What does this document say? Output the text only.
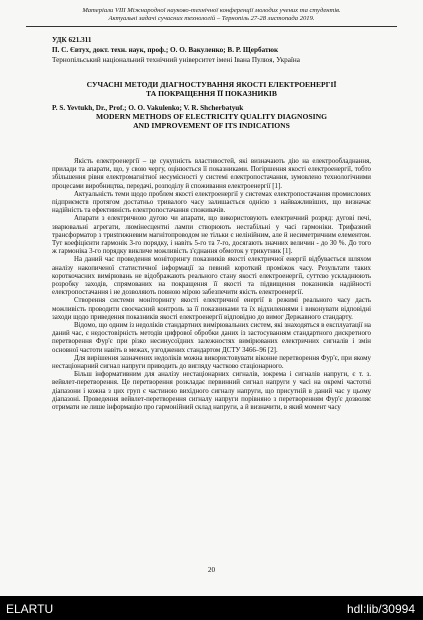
Матеріали VIII Міжнародної науково-технічної конференції молодих учених та студентів.
Актуальні задачі сучасних технологій – Тернопіль 27-28 листопада 2019.
УДК 621.311
П. С. Євтух, докт. техн. наук, проф.; О. О. Вакуленко; В. Р. Щербатюк
Тернопільський національний технічний університет імені Івана Пулюя, Україна
СУЧАСНІ МЕТОДИ ДІАГНОСТУВАННЯ ЯКОСТІ ЕЛЕКТРОЕНЕРГІЇ
ТА ПОКРАЩЕННЯ ЇЇ ПОКАЗНИКІВ
P. S. Yevtukh, Dr., Prof.; O. O. Vakulenko; V. R. Shcherbatyuk
MODERN METHODS OF ELECTRICITY QUALITY DIAGNOSING
AND IMPROVEMENT OF ITS INDICATIONS

Якість електроенергії – це сукупність властивостей, які визначають дію на електрообладнання, прилади та апарати, що, у свою чергу, оцінюється її показниками. Погіршення якості електроенергії, тобто збільшення рівня електромагнітної несумісності у системі електропостачання, зумовлено технологічними процесами виробництва, передачі, розподілу й споживання електроенергії [1].

Актуальність теми щодо проблем якості електроенергії у системах електропостачання промислових підприємств протягом достатньо тривалого часу залишається однією з найважливіших, що визначає надійність та ефективність електропостачання споживачів.

Апарати з електричною дугою чи апарати, що використовують електричний розряд: дугові печі, зварювальні агрегати, люмінесцентні лампи створюють нестабільні у часі гармоніки. Трифазний трансформатор з триstrижневим магнітопроводом не тільки є нелінійним, але й несиметричним елементом. Тут коефіцієнти гармонік 3-го порядку, і навіть 5-го та 7-го, досягають значних величин - до 30 %. До того ж гармоніка 3-го порядку викличе можливість з'єднання обмоток у трикутник [1].

На даний час проведення моніторингу показників якості електричної енергії відбувається шляхом аналізу накопиченої статистичної інформації за певний короткий проміжок часу. Результати таких короткочасних вимірювань не відображають реального стану якості електроенергії, суттєво ускладнюють розробку заходів, спрямованих на покращення її якості та підвищення показників надійності електропостачання і не дозволяють повною мірою забезпечити якість електроенергії.

Створення системи моніторингу якості електричної енергії в режимі реального часу дасть можливість проводити своєчасний контроль за її показниками та їх відхиленнями і виконувати відповідні заходи щодо приведення показників якості електроенергії відповідно до вимог Державного стандарту.

Відомо, що одним із недоліків стандартних вимірювальних систем, які знаходяться в експлуатації на даний час, є недостовірність методів цифрової обробки даних із застосуванням стандартного дискретного перетворення Фур'є при різко несинусоїдних залежностях вимірюваних електричних сигналів і змін основної частоти навіть в межах, узгоджених стандартом ДСТУ 3466–96 [2].

Для вирішення зазначених недоліків можна використовувати віконне перетворення Фур'є, при якому нестаціонарний сигнал напруги приводить до вигляду частково стаціонарного.

Більш інформативним для аналізу нестаціонарних сигналів, зокрема і сигналів напруги, є т. з. вейвлет-перетворення. Це перетворення розкладає первинний сигнал напруги у часі на окремі частотні діапазони і кожна з цих груп є частиною вихідного сигналу напруги, що присутній в даний час у цьому діапазоні. Проведення вейвлет-перетворення сигналу напруги порівняно з перетворенням Фур'є дозволяє отримати не лише інформацію про гармонійний склад напруги, а й визначити, в який момент часу

20
ELARTU	hdl:lib/30994
